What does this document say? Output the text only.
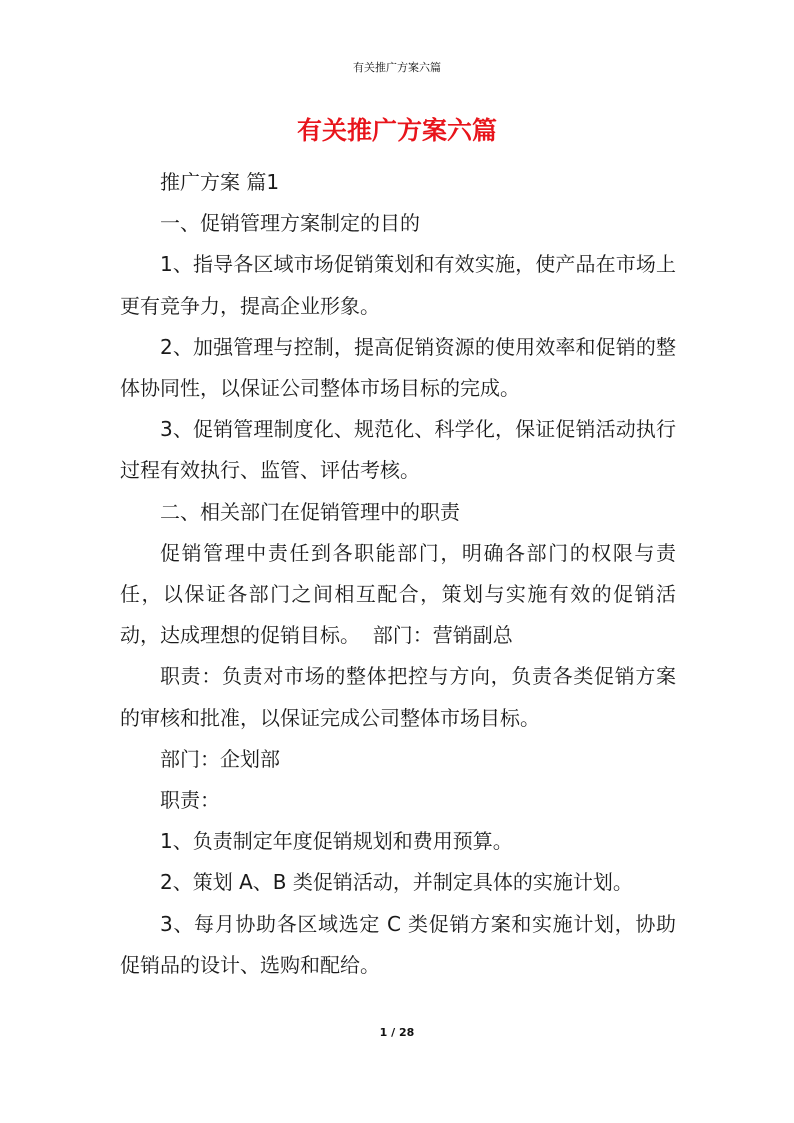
有关推广方案六篇
有关推广方案六篇

推广方案 篇1

一、促销管理方案制定的目的

1、指导各区域市场促销策划和有效实施，使产品在市场上更有竞争力，提高企业形象。

2、加强管理与控制，提高促销资源的使用效率和促销的整体协同性，以保证公司整体市场目标的完成。

3、促销管理制度化、规范化、科学化，保证促销活动执行过程有效执行、监管、评估考核。

二、相关部门在促销管理中的职责

促销管理中责任到各职能部门，明确各部门的权限与责任，以保证各部门之间相互配合，策划与实施有效的促销活动，达成理想的促销目标。  部门：营销副总

职责：负责对市场的整体把控与方向，负责各类促销方案的审核和批准，以保证完成公司整体市场目标。

部门：企划部

职责：

1、负责制定年度促销规划和费用预算。

2、策划 A、B 类促销活动，并制定具体的实施计划。

3、每月协助各区域选定 C 类促销方案和实施计划，协助促销品的设计、选购和配给。

1 / 28
